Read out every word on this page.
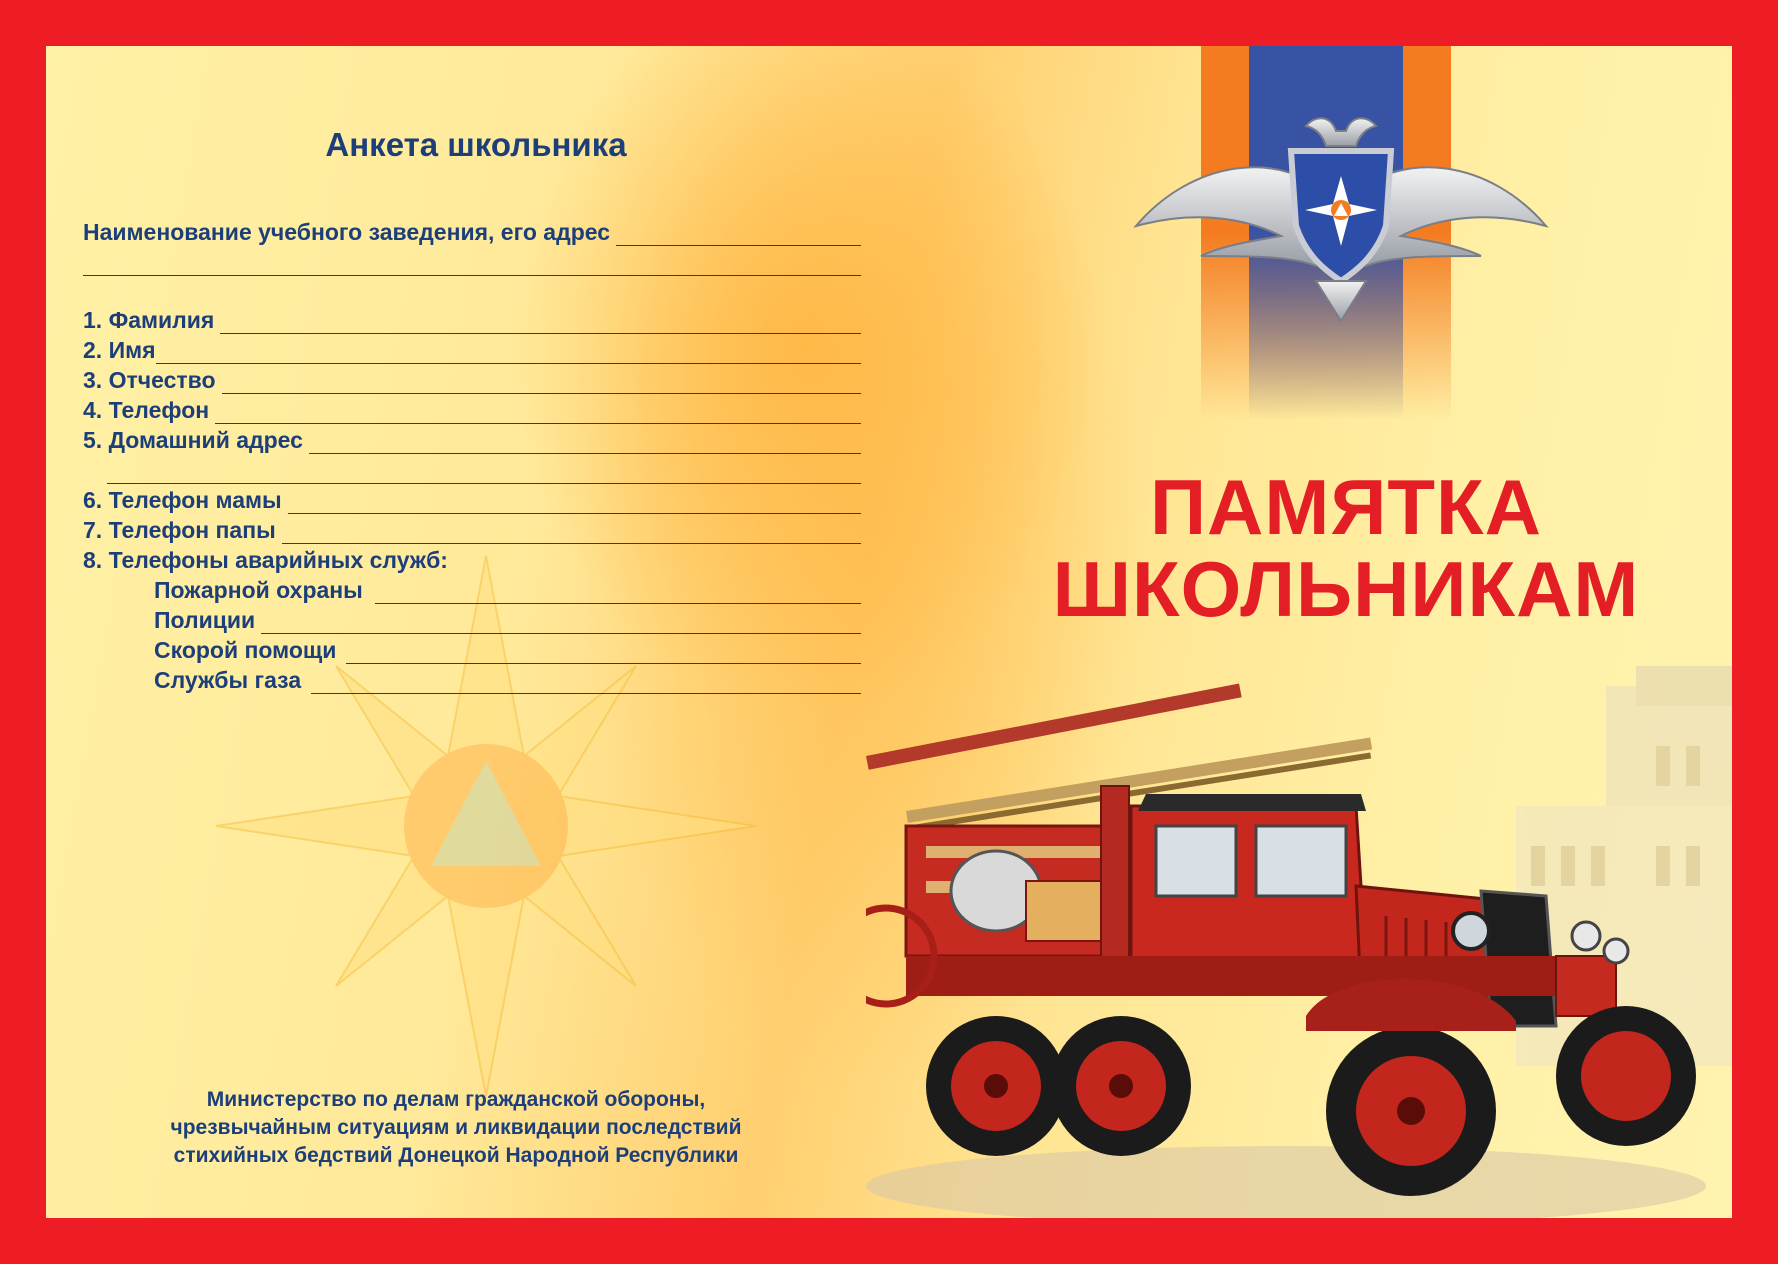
Анкета школьника
Наименование учебного заведения, его адрес
1. Фамилия
2. Имя
3. Отчество
4. Телефон
5. Домашний адрес
6. Телефон мамы
7. Телефон папы
8. Телефоны аварийных служб:
Пожарной охраны
Полиции
Скорой помощи
Службы газа
Министерство по делам гражданской обороны,
чрезвычайным ситуациям и ликвидации последствий
стихийных бедствий Донецкой Народной Республики
ПАМЯТКА
ШКОЛЬНИКАМ
